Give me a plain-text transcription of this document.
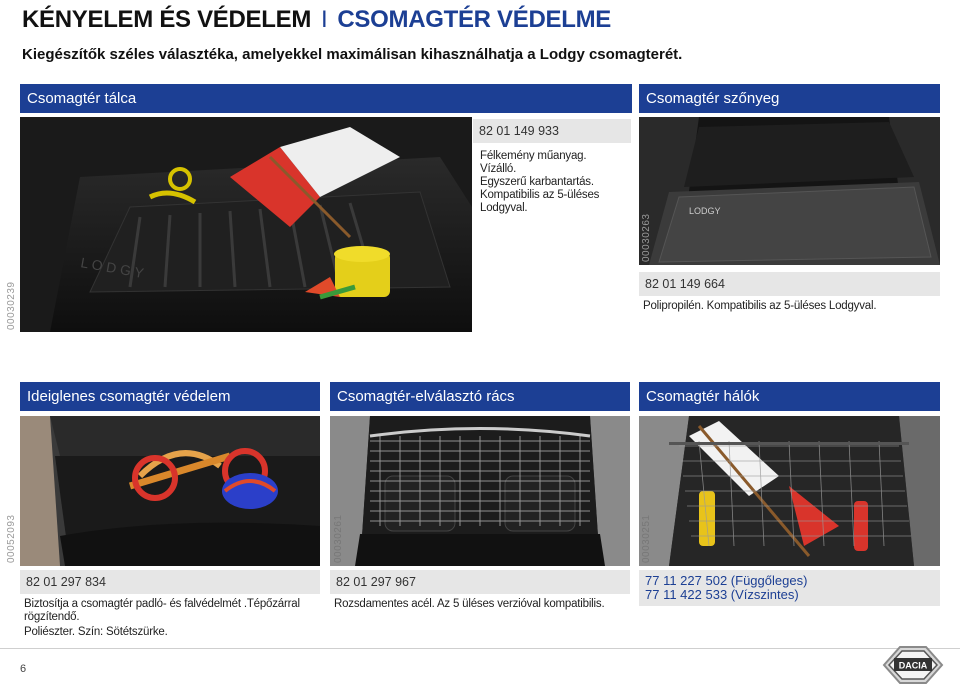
KÉNYELEM ÉS VÉDELEM I CSOMAGTÉR VÉDELME
Kiegészítők széles választéka, amelyekkel maximálisan kihasználhatja a Lodgy csomagterét.
Csomagtér tálca
L O D G Y
00030239
82 01 149 933
Félkemény műanyag.
Vízálló.
Egyszerű karbantartás.
Kompatibilis az 5-üléses
Lodgyval.
Csomagtér szőnyeg
LODGY
00030263
82 01 149 664
Polipropilén. Kompatibilis az 5-üléses Lodgyval.
Ideiglenes csomagtér védelem
00052093
82 01 297 834
Biztosítja a csomagtér padló- és falvédelmét .Tépőzárral
rögzítendő.
Poliészter. Szín: Sötétszürke.
Csomagtér-elválasztó rács
00030261
82 01 297 967
Rozsdamentes acél. Az 5 üléses verzióval kompatibilis.
Csomagtér hálók
00030251
77 11 227 502 (Függőleges)
77 11 422 533 (Vízszintes)
6	DACIA
